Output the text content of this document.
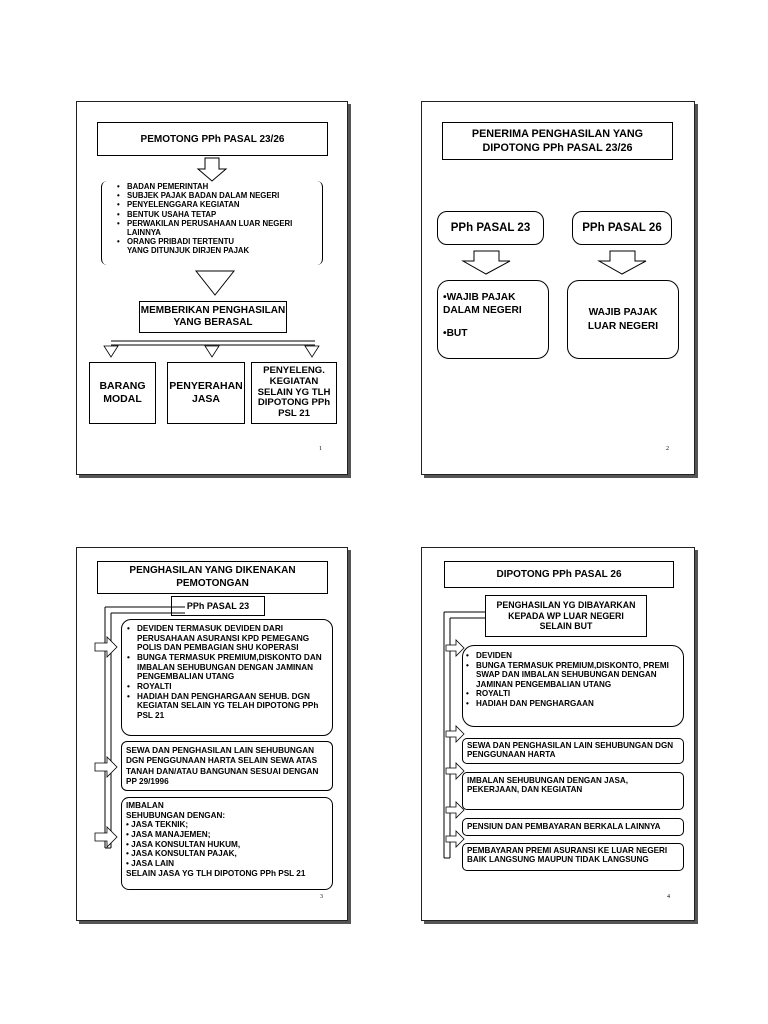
PEMOTONG PPh PASAL 23/26
• BADAN PEMERINTAH
• SUBJEK PAJAK BADAN DALAM NEGERI
• PENYELENGGARA KEGIATAN
• BENTUK USAHA TETAP
• PERWAKILAN PERUSAHAAN LUAR NEGERI LAINNYA
• ORANG PRIBADI TERTENTU
YANG DITUNJUK DIRJEN PAJAK
MEMBERIKAN PENGHASILAN YANG BERASAL
BARANG MODAL
PENYERAHAN JASA
PENYELENG. KEGIATAN SELAIN YG TLH DIPOTONG PPh PSL 21
1
PENERIMA PENGHASILAN YANG DIPOTONG PPh PASAL 23/26
PPh PASAL 23	PPh PASAL 26
•WAJIB PAJAK DALAM NEGERI
•BUT
WAJIB PAJAK LUAR NEGERI
2
PENGHASILAN YANG DIKENAKAN PEMOTONGAN
PPh PASAL 23
• DEVIDEN TERMASUK DEVIDEN DARI PERUSAHAAN ASURANSI KPD PEMEGANG POLIS DAN PEMBAGIAN SHU KOPERASI
• BUNGA TERMASUK PREMIUM,DISKONTO DAN IMBALAN SEHUBUNGAN DENGAN JAMINAN PENGEMBALIAN UTANG
• ROYALTI
• HADIAH DAN PENGHARGAAN SEHUB. DGN KEGIATAN SELAIN YG TELAH DIPOTONG PPh PSL 21
SEWA DAN PENGHASILAN LAIN SEHUBUNGAN DGN PENGGUNAAN HARTA SELAIN SEWA ATAS TANAH DAN/ATAU BANGUNAN SESUAI DENGAN PP 29/1996
IMBALAN
SEHUBUNGAN DENGAN:
• JASA TEKNIK;
• JASA MANAJEMEN;
• JASA KONSULTAN HUKUM,
• JASA KONSULTAN PAJAK,
• JASA LAIN
SELAIN JASA YG TLH DIPOTONG PPh PSL 21
3
DIPOTONG PPh PASAL 26
PENGHASILAN YG DIBAYARKAN KEPADA WP LUAR NEGERI SELAIN BUT
• DEVIDEN
• BUNGA TERMASUK PREMIUM,DISKONTO, PREMI SWAP DAN IMBALAN SEHUBUNGAN DENGAN JAMINAN PENGEMBALIAN UTANG
• ROYALTI
• HADIAH DAN PENGHARGAAN
SEWA DAN PENGHASILAN LAIN SEHUBUNGAN DGN PENGGUNAAN HARTA
IMBALAN SEHUBUNGAN DENGAN JASA, PEKERJAAN, DAN KEGIATAN
PENSIUN DAN PEMBAYARAN BERKALA LAINNYA
PEMBAYARAN PREMI ASURANSI KE LUAR NEGERI BAIK LANGSUNG MAUPUN TIDAK LANGSUNG
4
